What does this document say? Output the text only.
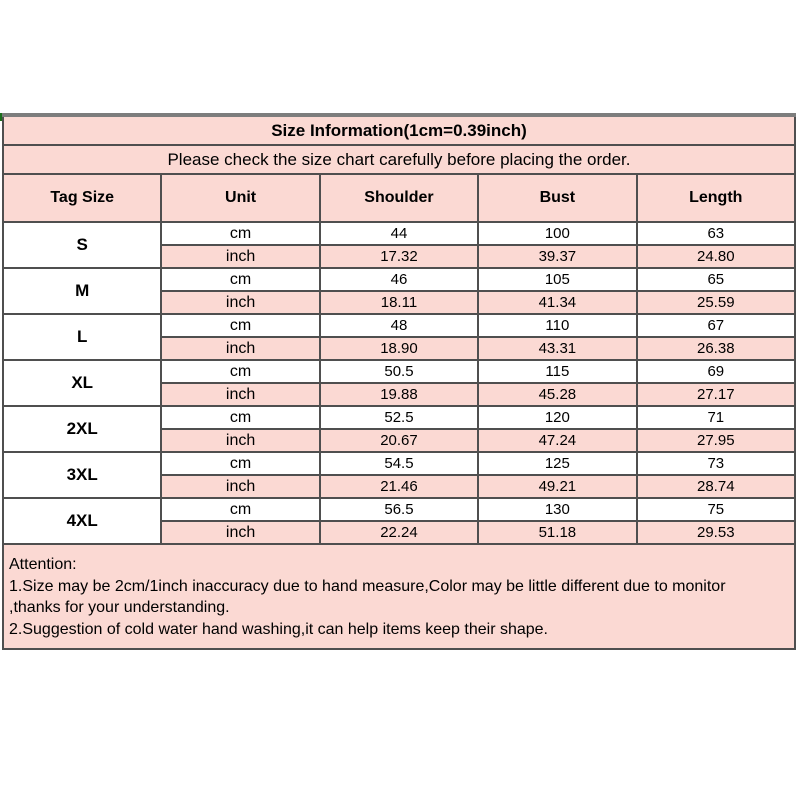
Size Information(1cm=0.39inch)				
Please check the size chart carefully before placing the order.				
Tag Size	Unit	Shoulder	Bust	Length
S	cm	44	100	63
	inch	17.32	39.37	24.80
M	cm	46	105	65
	inch	18.11	41.34	25.59
L	cm	48	110	67
	inch	18.90	43.31	26.38
XL	cm	50.5	115	69
	inch	19.88	45.28	27.17
2XL	cm	52.5	120	71
	inch	20.67	47.24	27.95
3XL	cm	54.5	125	73
	inch	21.46	49.21	28.74
4XL	cm	56.5	130	75
	inch	22.24	51.18	29.53

Attention:
1.Size may be 2cm/1inch inaccuracy due to hand measure,Color may be little different due to monitor
,thanks for your understanding.
2.Suggestion of cold water hand washing,it can help items keep their shape.				
